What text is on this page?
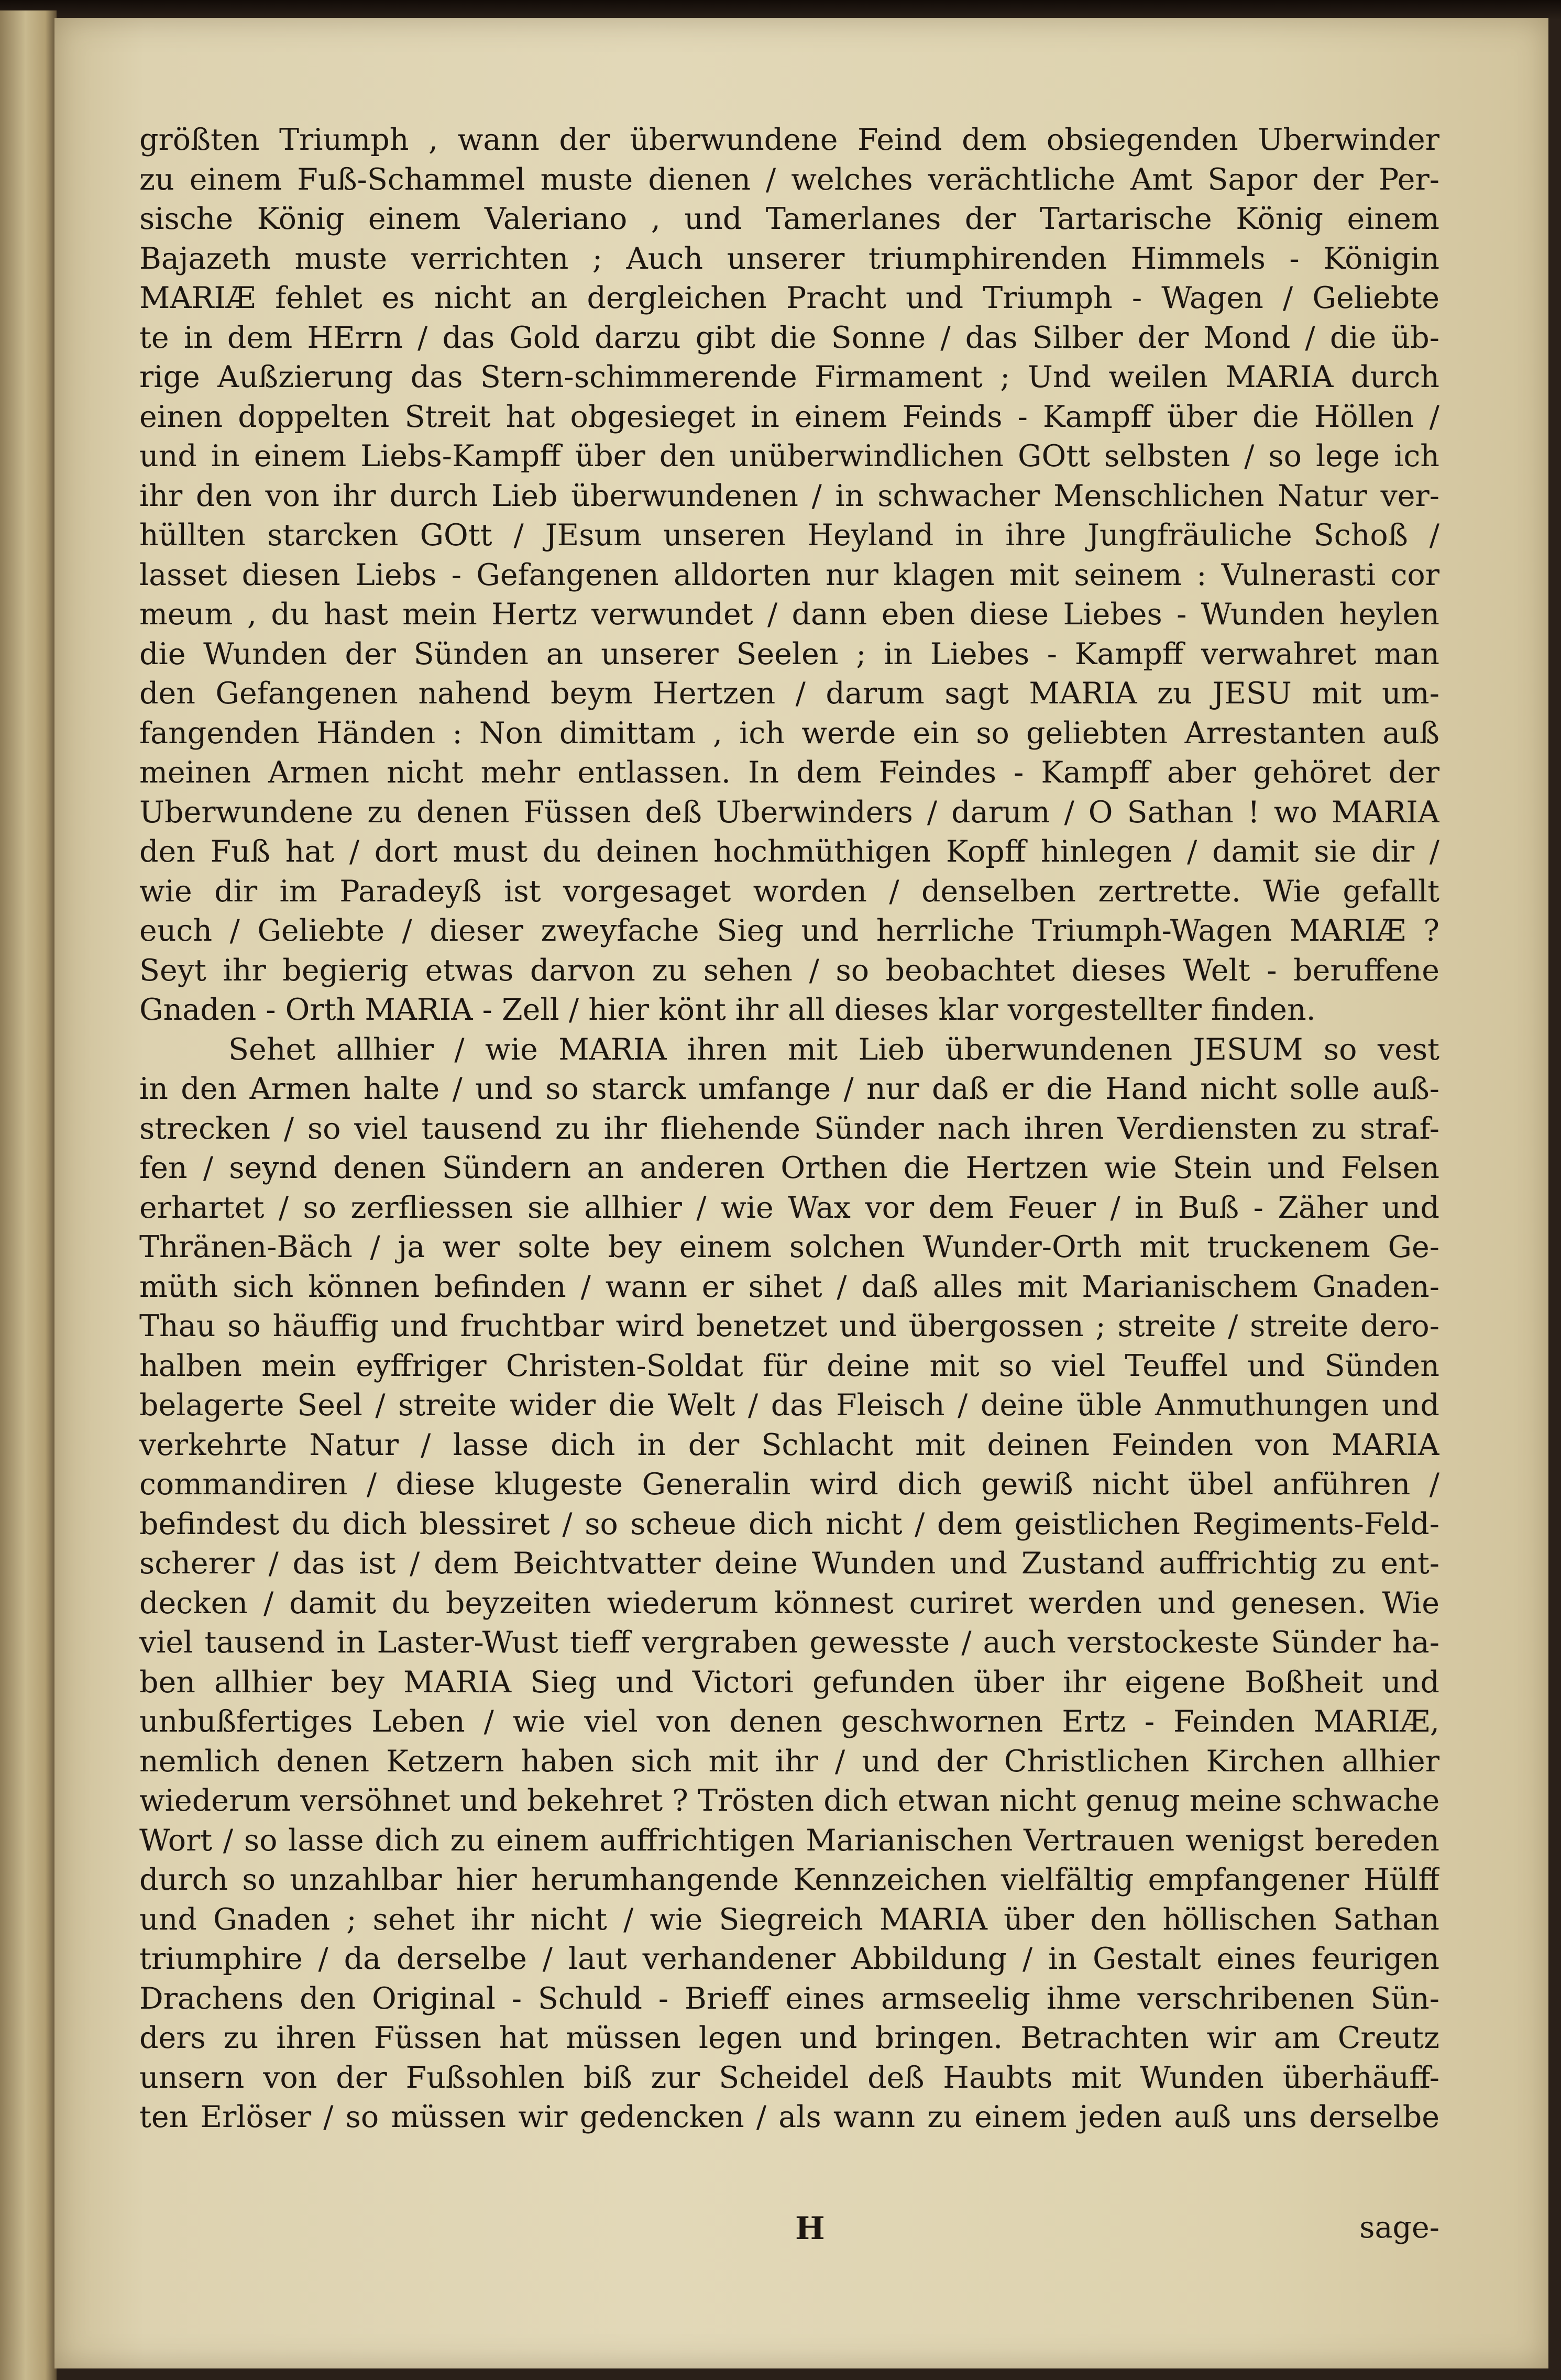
größten Triumph , wann der überwundene Feind dem obsiegenden Uberwinder
zu einem Fuß-Schammel muste dienen / welches verächtliche Amt Sapor der Per-
sische König einem Valeriano , und Tamerlanes der Tartarische König einem
Bajazeth muste verrichten ; Auch unserer triumphirenden Himmels - Königin
MARIÆ fehlet es nicht an dergleichen Pracht und Triumph - Wagen / Geliebte
te in dem HErrn / das Gold darzu gibt die Sonne / das Silber der Mond / die üb-
rige Außzierung das Stern-schimmerende Firmament ; Und weilen MARIA durch
einen doppelten Streit hat obgesieget in einem Feinds - Kampff über die Höllen /
und in einem Liebs-Kampff über den unüberwindlichen GOtt selbsten / so lege ich
ihr den von ihr durch Lieb überwundenen / in schwacher Menschlichen Natur ver-
hüllten starcken GOtt / JEsum unseren Heyland in ihre Jungfräuliche Schoß /
lasset diesen Liebs - Gefangenen alldorten nur klagen mit seinem : Vulnerasti cor
meum , du hast mein Hertz verwundet / dann eben diese Liebes - Wunden heylen
die Wunden der Sünden an unserer Seelen ; in Liebes - Kampff verwahret man
den Gefangenen nahend beym Hertzen / darum sagt MARIA zu JESU mit um-
fangenden Händen : Non dimittam , ich werde ein so geliebten Arrestanten auß
meinen Armen nicht mehr entlassen. In dem Feindes - Kampff aber gehöret der
Uberwundene zu denen Füssen deß Uberwinders / darum / O Sathan ! wo MARIA
den Fuß hat / dort must du deinen hochmüthigen Kopff hinlegen / damit sie dir /
wie dir im Paradeyß ist vorgesaget worden / denselben zertrette. Wie gefallt
euch / Geliebte / dieser zweyfache Sieg und herrliche Triumph-Wagen MARIÆ ?
Seyt ihr begierig etwas darvon zu sehen / so beobachtet dieses Welt - beruffene
Gnaden - Orth MARIA - Zell / hier könt ihr all dieses klar vorgestellter finden.
Sehet allhier / wie MARIA ihren mit Lieb überwundenen JESUM so vest
in den Armen halte / und so starck umfange / nur daß er die Hand nicht solle auß-
strecken / so viel tausend zu ihr fliehende Sünder nach ihren Verdiensten zu straf-
fen / seynd denen Sündern an anderen Orthen die Hertzen wie Stein und Felsen
erhartet / so zerfliessen sie allhier / wie Wax vor dem Feuer / in Buß - Zäher und
Thränen-Bäch / ja wer solte bey einem solchen Wunder-Orth mit truckenem Ge-
müth sich können befinden / wann er sihet / daß alles mit Marianischem Gnaden-
Thau so häuffig und fruchtbar wird benetzet und übergossen ; streite / streite dero-
halben mein eyffriger Christen-Soldat für deine mit so viel Teuffel und Sünden
belagerte Seel / streite wider die Welt / das Fleisch / deine üble Anmuthungen und
verkehrte Natur / lasse dich in der Schlacht mit deinen Feinden von MARIA
commandiren / diese klugeste Generalin wird dich gewiß nicht übel anführen /
befindest du dich blessiret / so scheue dich nicht / dem geistlichen Regiments-Feld-
scherer / das ist / dem Beichtvatter deine Wunden und Zustand auffrichtig zu ent-
decken / damit du beyzeiten wiederum könnest curiret werden und genesen. Wie
viel tausend in Laster-Wust tieff vergraben gewesste / auch verstockeste Sünder ha-
ben allhier bey MARIA Sieg und Victori gefunden über ihr eigene Boßheit und
unbußfertiges Leben / wie viel von denen geschwornen Ertz - Feinden MARIÆ,
nemlich denen Ketzern haben sich mit ihr / und der Christlichen Kirchen allhier
wiederum versöhnet und bekehret ? Trösten dich etwan nicht genug meine schwache
Wort / so lasse dich zu einem auffrichtigen Marianischen Vertrauen wenigst bereden
durch so unzahlbar hier herumhangende Kennzeichen vielfältig empfangener Hülff
und Gnaden ; sehet ihr nicht / wie Siegreich MARIA über den höllischen Sathan
triumphire / da derselbe / laut verhandener Abbildung / in Gestalt eines feurigen
Drachens den Original - Schuld - Brieff eines armseelig ihme verschribenen Sün-
ders zu ihren Füssen hat müssen legen und bringen. Betrachten wir am Creutz
unsern von der Fußsohlen biß zur Scheidel deß Haubts mit Wunden überhäuff-
ten Erlöser / so müssen wir gedencken / als wann zu einem jeden auß uns derselbe
H	sage-
